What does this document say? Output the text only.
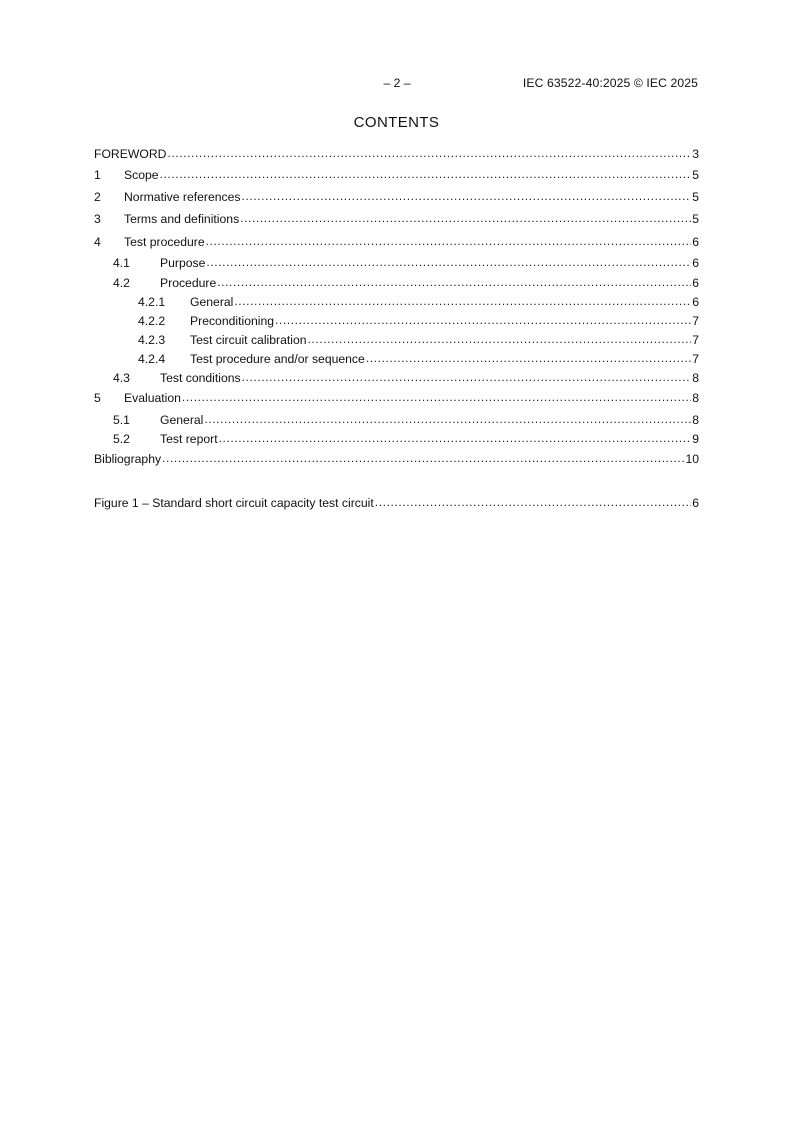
– 2 –	IEC 63522-40:2025 © IEC 2025
CONTENTS
FOREWORD .....	3
1	Scope .....	5
2	Normative references .....	5
3	Terms and definitions .....	5
4	Test procedure .....	6
4.1	Purpose .....	6
4.2	Procedure .....	6
4.2.1	General .....	6
4.2.2	Preconditioning .....	7
4.2.3	Test circuit calibration .....	7
4.2.4	Test procedure and/or sequence .....	7
4.3	Test conditions .....	8
5	Evaluation .....	8
5.1	General .....	8
5.2	Test report .....	9
Bibliography .....	10
Figure 1 – Standard short circuit capacity test circuit .....	6
